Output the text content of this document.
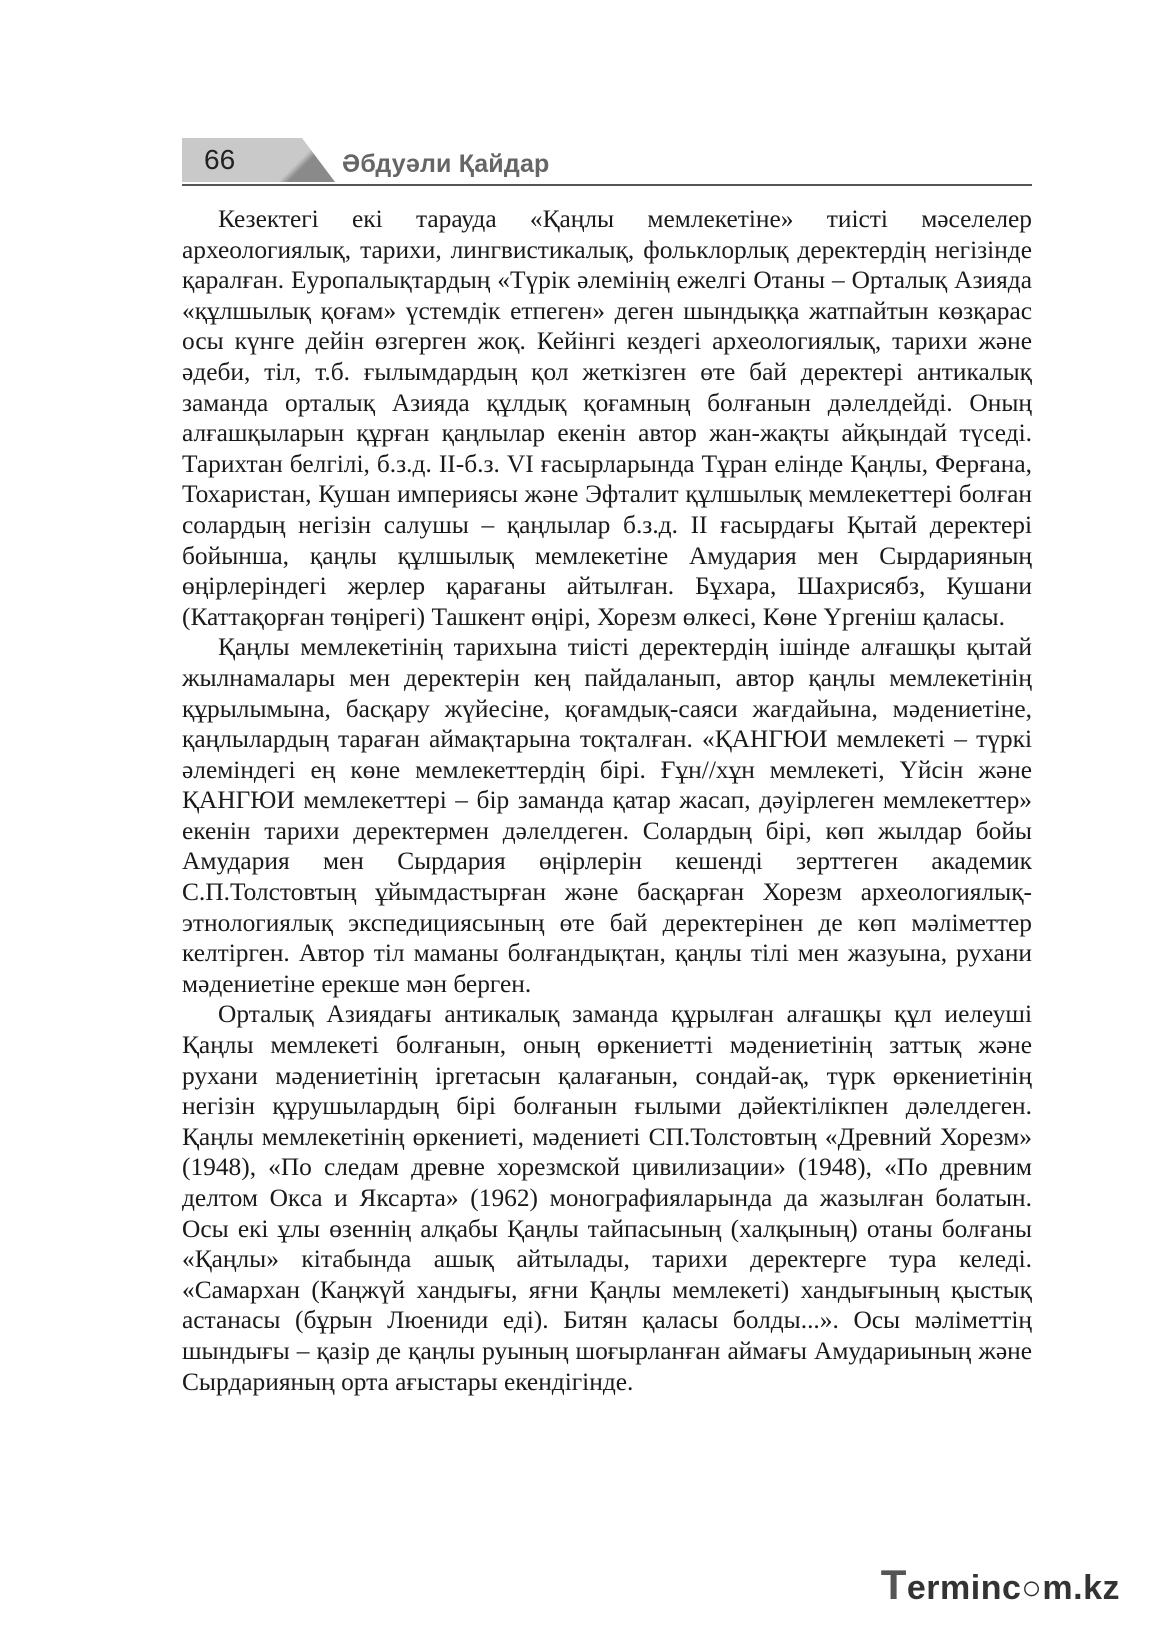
66	Әбдуәли Қайдар

Кезектегі екі тарауда «Қаңлы мемлекетіне» тиісті мәселелер археологиялық, тарихи, лингвистикалық, фольклорлық деректердің негізінде қаралған. Еуропалықтардың «Түрік әлемінің ежелгі Отаны – Орталық Азияда «құлшылық қоғам» үстемдік етпеген» деген шындыққа жатпайтын көзқарас осы күнге дейін өзгерген жоқ. Кейінгі кездегі археологиялық, тарихи және әдеби, тіл, т.б. ғылымдардың қол жеткізген өте бай деректері антикалық заманда орталық Азияда құлдық қоғамның болғанын дәлелдейді. Оның алғашқыларын құрған қаңлылар екенін автор жан-жақты айқындай түседі. Тарихтан белгілі, б.з.д. ІІ-б.з. VІ ғасырларында Тұран елінде Қаңлы, Ферғана, Тохаристан, Кушан империясы және Эфталит құлшылық мемлекеттері болған солардың негізін салушы – қаңлылар б.з.д. ІІ ғасырдағы Қытай деректері бойынша, қаңлы құлшылық мемлекетіне Амудария мен Сырдарияның өңірлеріндегі жерлер қарағаны айтылған. Бұхара, Шахрисябз, Кушани (Каттақорған төңірегі) Ташкент өңірі, Хорезм өлкесі, Көне Үргеніш қаласы.

Қаңлы мемлекетінің тарихына тиісті деректердің ішінде алғашқы қытай жылнамалары мен деректерін кең пайдаланып, автор қаңлы мемлекетінің құрылымына, басқару жүйесіне, қоғамдық-саяси жағдайына, мәдениетіне, қаңлылардың тараған аймақтарына тоқталған. «ҚАНГЮИ мемлекеті – түркі әлеміндегі ең көне мемлекеттердің бірі. Ғұн//хұн мемлекеті, Үйсін және ҚАНГЮИ мемлекеттері – бір заманда қатар жасап, дәуірлеген мемлекеттер» екенін тарихи деректермен дәлелдеген. Солардың бірі, көп жылдар бойы Амудария мен Сырдария өңірлерін кешенді зерттеген академик С.П.Толстовтың ұйымдастырған және басқарған Хорезм археологиялық-этнологиялық экспедициясының өте бай деректерінен де көп мәліметтер келтірген. Автор тіл маманы болғандықтан, қаңлы тілі мен жазуына, рухани мәдениетіне ерекше мән берген.

Орталық Азиядағы антикалық заманда құрылған алғашқы құл иелеуші Қаңлы мемлекеті болғанын, оның өркениетті мәдениетінің заттық және рухани мәдениетінің іргетасын қалағанын, сондай-ақ, түрк өркениетінің негізін құрушылардың бірі болғанын ғылыми дәйектілікпен дәлелдеген. Қаңлы мемлекетінің өркениеті, мәдениеті СП.Толстовтың «Древний Хорезм» (1948), «По следам древне хорезмской цивилизации» (1948), «По древним делтом Окса и Яксарта» (1962) монографияларында да жазылған болатын. Осы екі ұлы өзеннің алқабы Қаңлы тайпасының (халқының) отаны болғаны «Қаңлы» кітабында ашық айтылады, тарихи деректерге тура келеді. «Самархан (Каңжүй хандығы, яғни Қаңлы мемлекеті) хандығының қыстық астанасы (бұрын Люениди еді). Битян қаласы болды...». Осы мәліметтің шындығы – қазір де қаңлы руының шоғырланған аймағы Амудариының және Сырдарияның орта ағыстары екендігінде.

Terminc○m.kz
